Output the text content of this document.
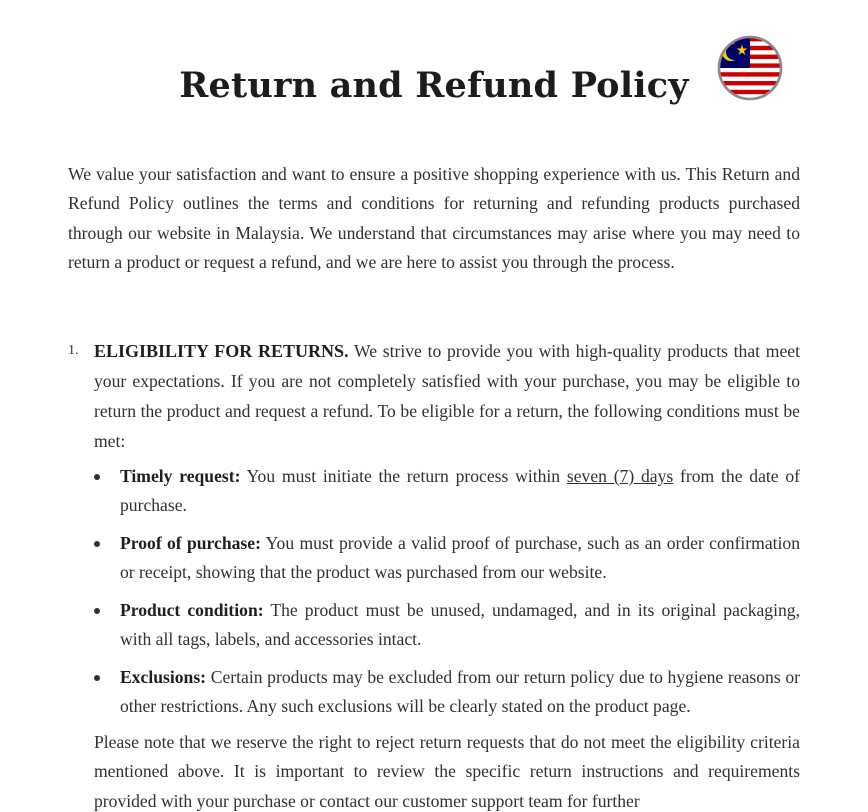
Return and Refund Policy

We value your satisfaction and want to ensure a positive shopping experience with us. This Return and Refund Policy outlines the terms and conditions for returning and refunding products purchased through our website in Malaysia. We understand that circumstances may arise where you may need to return a product or request a refund, and we are here to assist you through the process.

1. ELIGIBILITY FOR RETURNS. We strive to provide you with high-quality products that meet your expectations. If you are not completely satisfied with your purchase, you may be eligible to return the product and request a refund. To be eligible for a return, the following conditions must be met:
Timely request: You must initiate the return process within seven (7) days from the date of purchase.
Proof of purchase: You must provide a valid proof of purchase, such as an order confirmation or receipt, showing that the product was purchased from our website.
Product condition: The product must be unused, undamaged, and in its original packaging, with all tags, labels, and accessories intact.
Exclusions: Certain products may be excluded from our return policy due to hygiene reasons or other restrictions. Any such exclusions will be clearly stated on the product page.

Please note that we reserve the right to reject return requests that do not meet the eligibility criteria mentioned above. It is important to review the specific return instructions and requirements provided with your purchase or contact our customer support team for further
